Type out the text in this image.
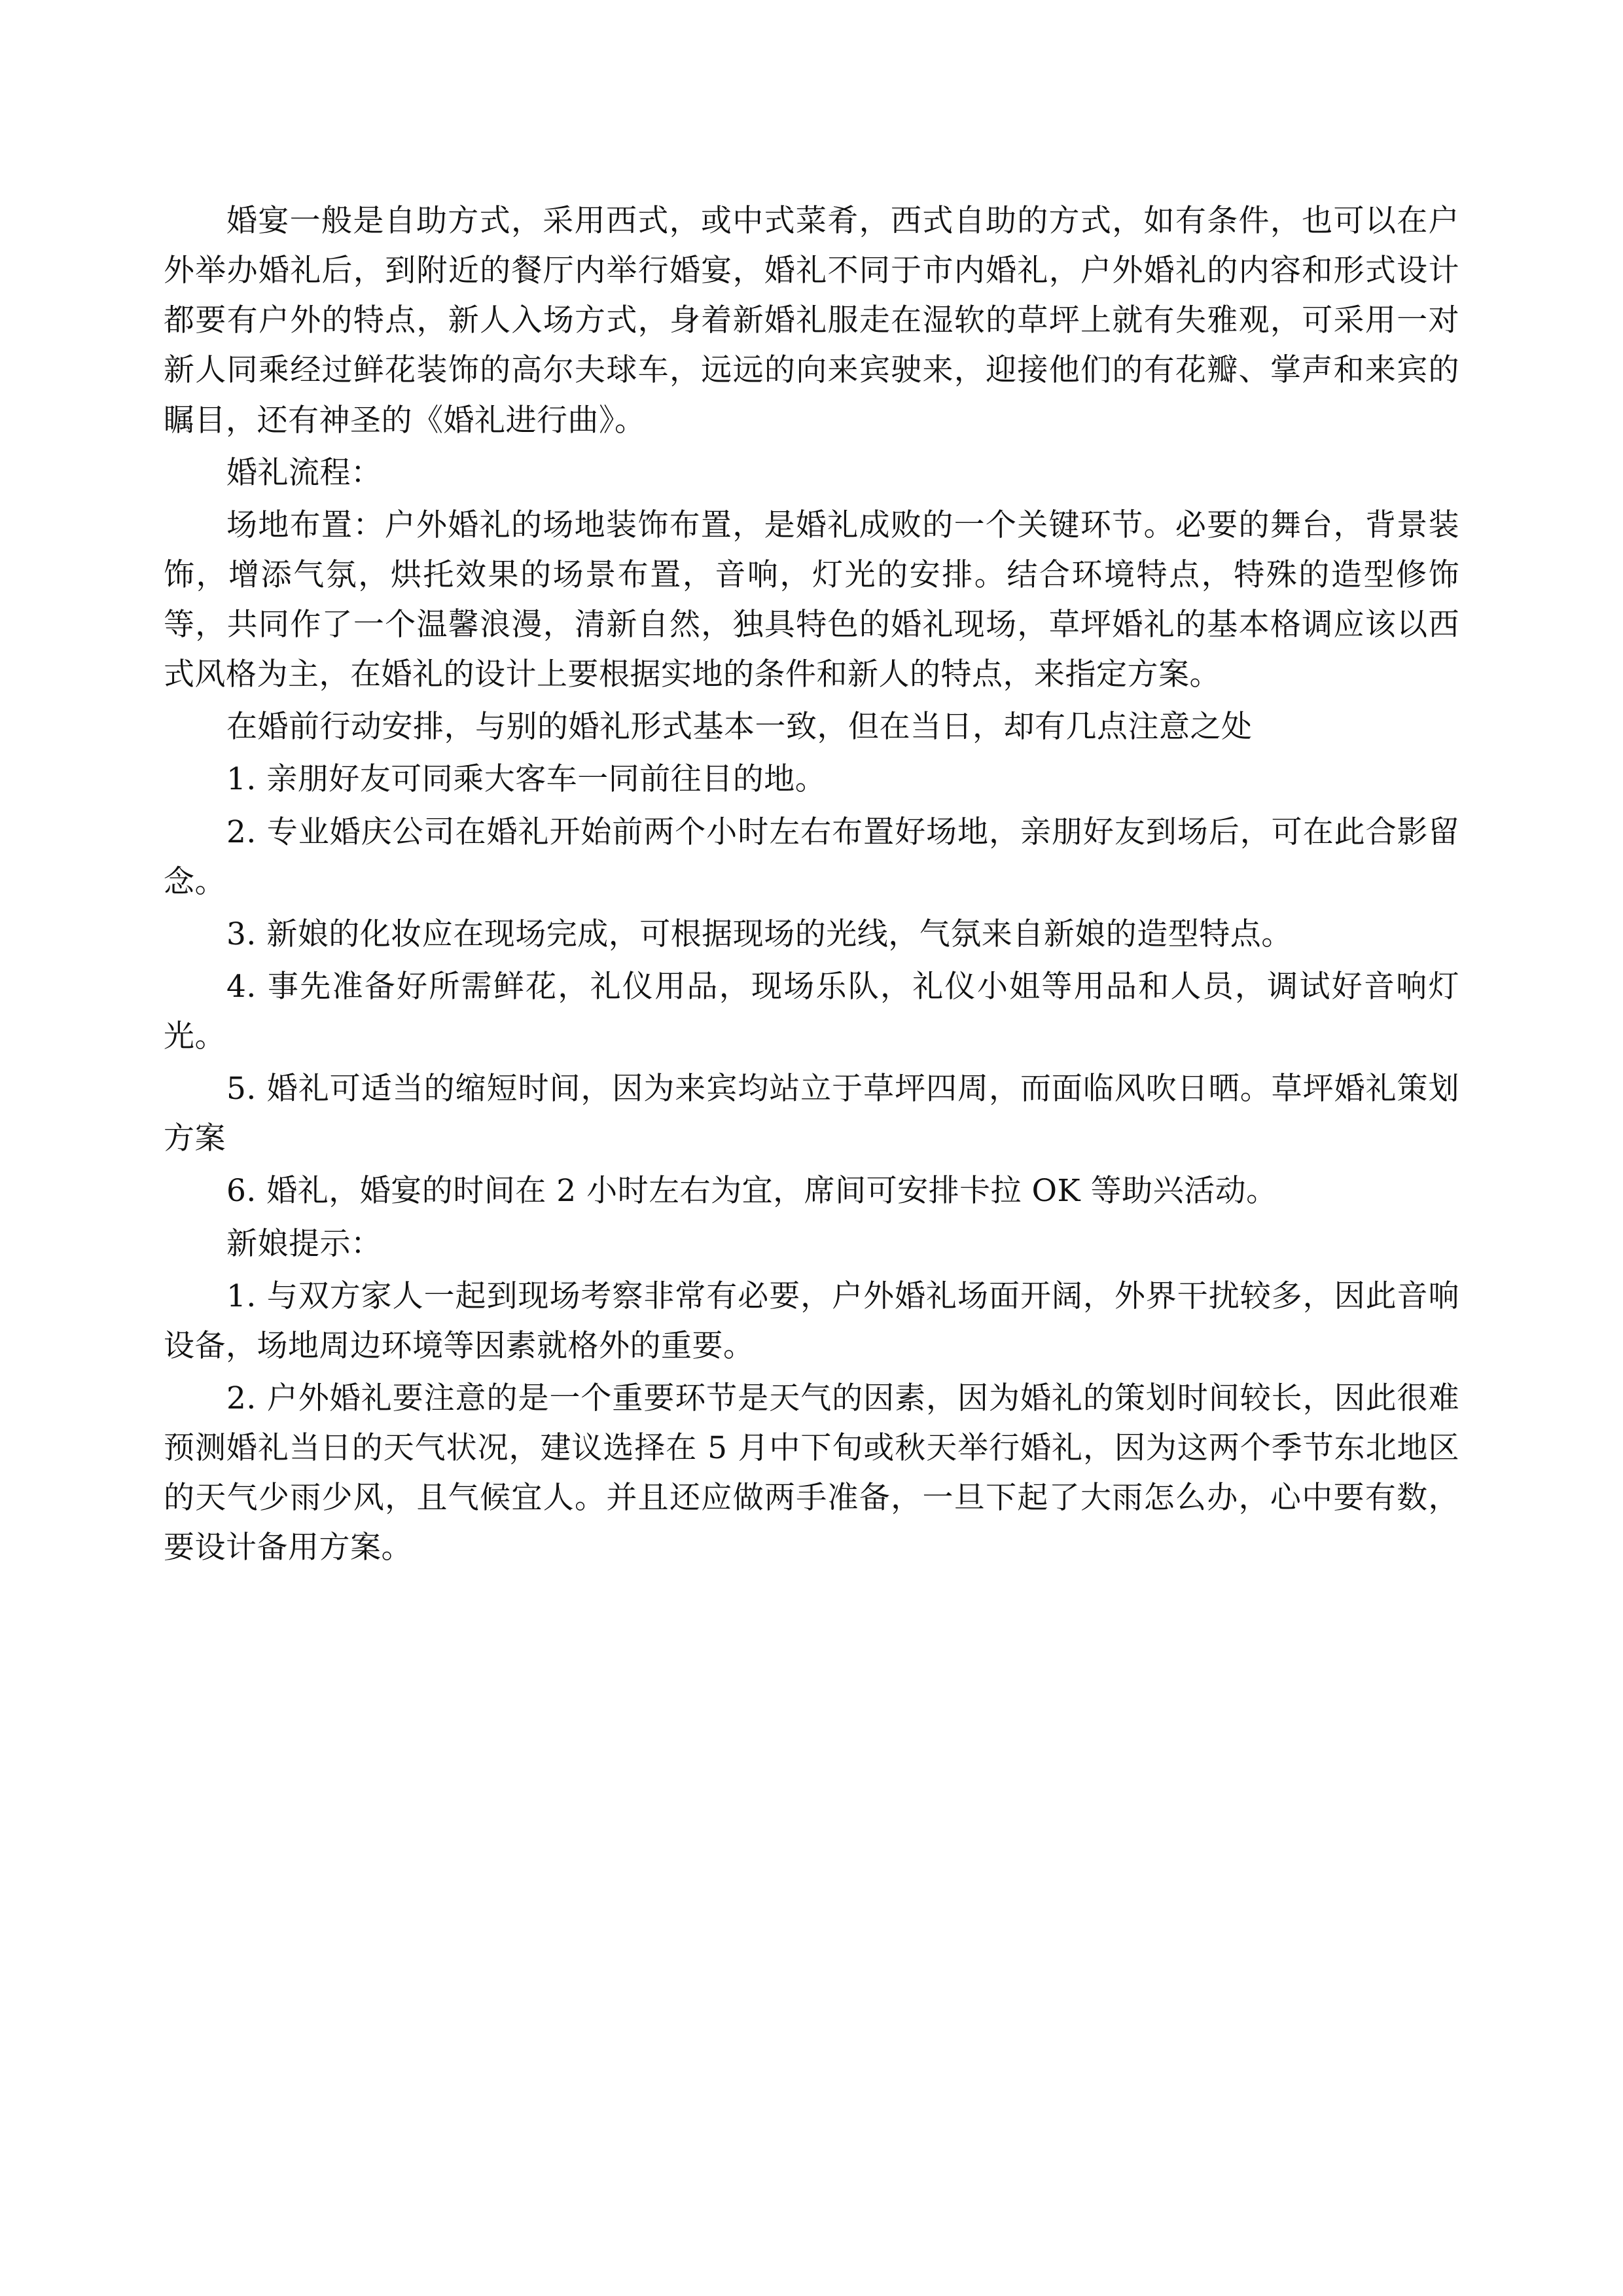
婚宴一般是自助方式，采用西式，或中式菜肴，西式自助的方式，如有条件，也可以在户外举办婚礼后，到附近的餐厅内举行婚宴，婚礼不同于市内婚礼，户外婚礼的内容和形式设计都要有户外的特点，新人入场方式，身着新婚礼服走在湿软的草坪上就有失雅观，可采用一对新人同乘经过鲜花装饰的高尔夫球车，远远的向来宾驶来，迎接他们的有花瓣、掌声和来宾的瞩目，还有神圣的《婚礼进行曲》。

婚礼流程：

场地布置：户外婚礼的场地装饰布置，是婚礼成败的一个关键环节。必要的舞台，背景装饰，增添气氛，烘托效果的场景布置，音响，灯光的安排。结合环境特点，特殊的造型修饰等，共同作了一个温馨浪漫，清新自然，独具特色的婚礼现场，草坪婚礼的基本格调应该以西式风格为主，在婚礼的设计上要根据实地的条件和新人的特点，来指定方案。

在婚前行动安排，与别的婚礼形式基本一致，但在当日，却有几点注意之处

1. 亲朋好友可同乘大客车一同前往目的地。

2. 专业婚庆公司在婚礼开始前两个小时左右布置好场地，亲朋好友到场后，可在此合影留念。

3. 新娘的化妆应在现场完成，可根据现场的光线，气氛来自新娘的造型特点。

4. 事先准备好所需鲜花，礼仪用品，现场乐队，礼仪小姐等用品和人员，调试好音响灯光。

5. 婚礼可适当的缩短时间，因为来宾均站立于草坪四周，而面临风吹日晒。草坪婚礼策划方案

6. 婚礼，婚宴的时间在 2 小时左右为宜，席间可安排卡拉 OK 等助兴活动。

新娘提示：

1. 与双方家人一起到现场考察非常有必要，户外婚礼场面开阔，外界干扰较多，因此音响设备，场地周边环境等因素就格外的重要。

2. 户外婚礼要注意的是一个重要环节是天气的因素，因为婚礼的策划时间较长，因此很难预测婚礼当日的天气状况，建议选择在 5 月中下旬或秋天举行婚礼，因为这两个季节东北地区的天气少雨少风，且气候宜人。并且还应做两手准备，一旦下起了大雨怎么办，心中要有数，要设计备用方案。
